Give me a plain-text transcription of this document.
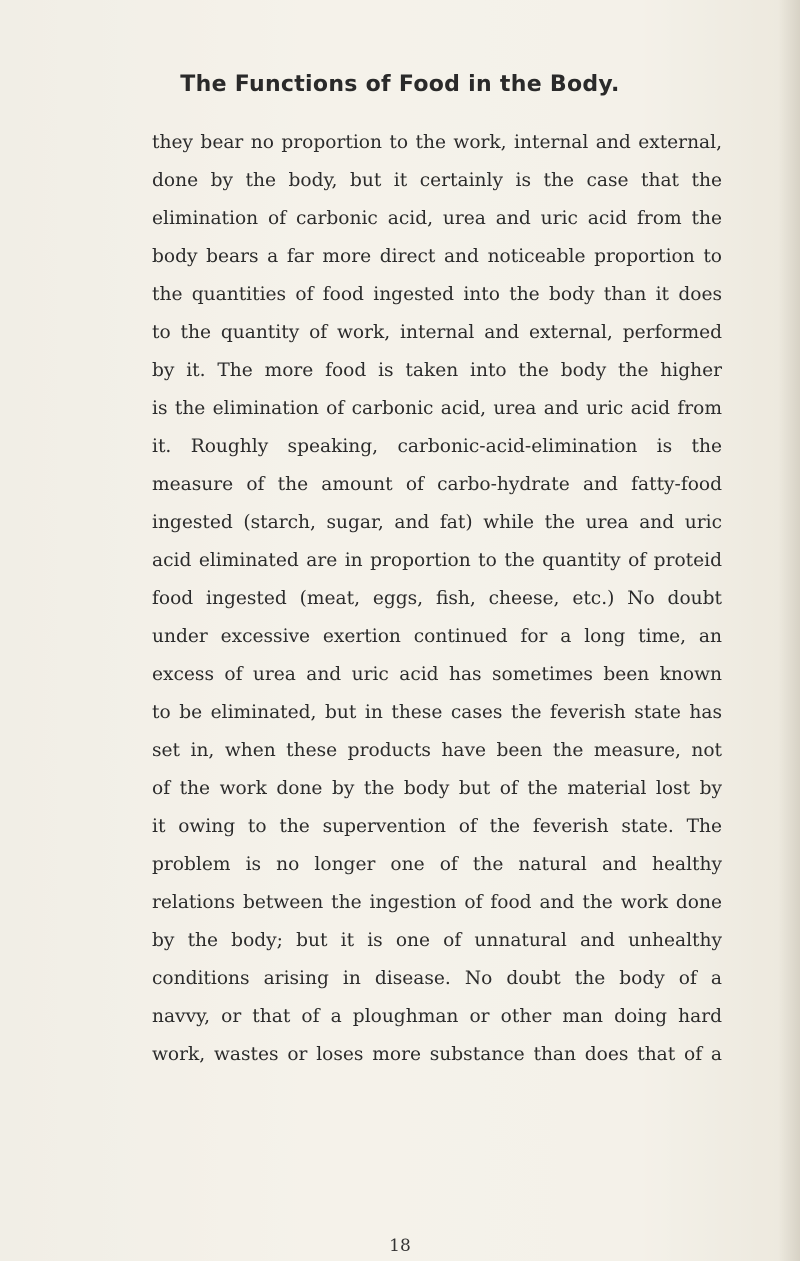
The Functions of Food in the Body.
they bear no proportion to the work, internal and external,
done by the body, but it certainly is the case that the
elimination of carbonic acid, urea and uric acid from the
body bears a far more direct and noticeable proportion to
the quantities of food ingested into the body than it does
to the quantity of work, internal and external, performed
by it. The more food is taken into the body the higher
is the elimination of carbonic acid, urea and uric acid from
it. Roughly speaking, carbonic-acid-elimination is the
measure of the amount of carbo-hydrate and fatty-food
ingested (starch, sugar, and fat) while the urea and uric
acid eliminated are in proportion to the quantity of proteid
food ingested (meat, eggs, fish, cheese, etc.) No doubt
under excessive exertion continued for a long time, an
excess of urea and uric acid has sometimes been known
to be eliminated, but in these cases the feverish state has
set in, when these products have been the measure, not
of the work done by the body but of the material lost by
it owing to the supervention of the feverish state. The
problem is no longer one of the natural and healthy
relations between the ingestion of food and the work done
by the body; but it is one of unnatural and unhealthy
conditions arising in disease. No doubt the body of a
navvy, or that of a ploughman or other man doing hard
work, wastes or loses more substance than does that of a
18
